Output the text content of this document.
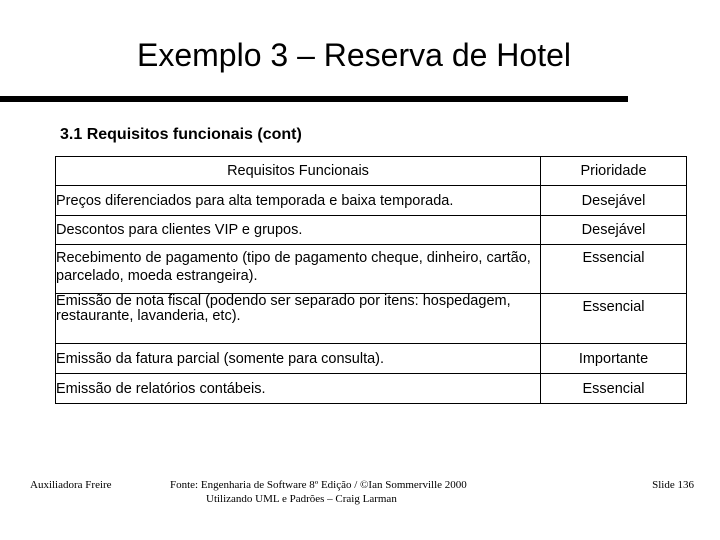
Exemplo 3 – Reserva de Hotel
3.1 Requisitos funcionais (cont)
Requisitos Funcionais	Prioridade
Preços diferenciados para alta temporada e baixa temporada.	Desejável
Descontos para clientes VIP e grupos.	Desejável
Recebimento de pagamento (tipo de pagamento cheque, dinheiro, cartão, parcelado, moeda estrangeira).	Essencial
Emissão de nota fiscal (podendo ser separado por itens: hospedagem, restaurante, lavanderia, etc).	Essencial
Emissão da fatura parcial (somente para consulta).	Importante
Emissão de relatórios contábeis.	Essencial
Auxiliadora Freire	Fonte: Engenharia de Software 8º Edição / ©Ian Sommerville 2000
Utilizando UML e Padrões – Craig Larman
Slide 136
